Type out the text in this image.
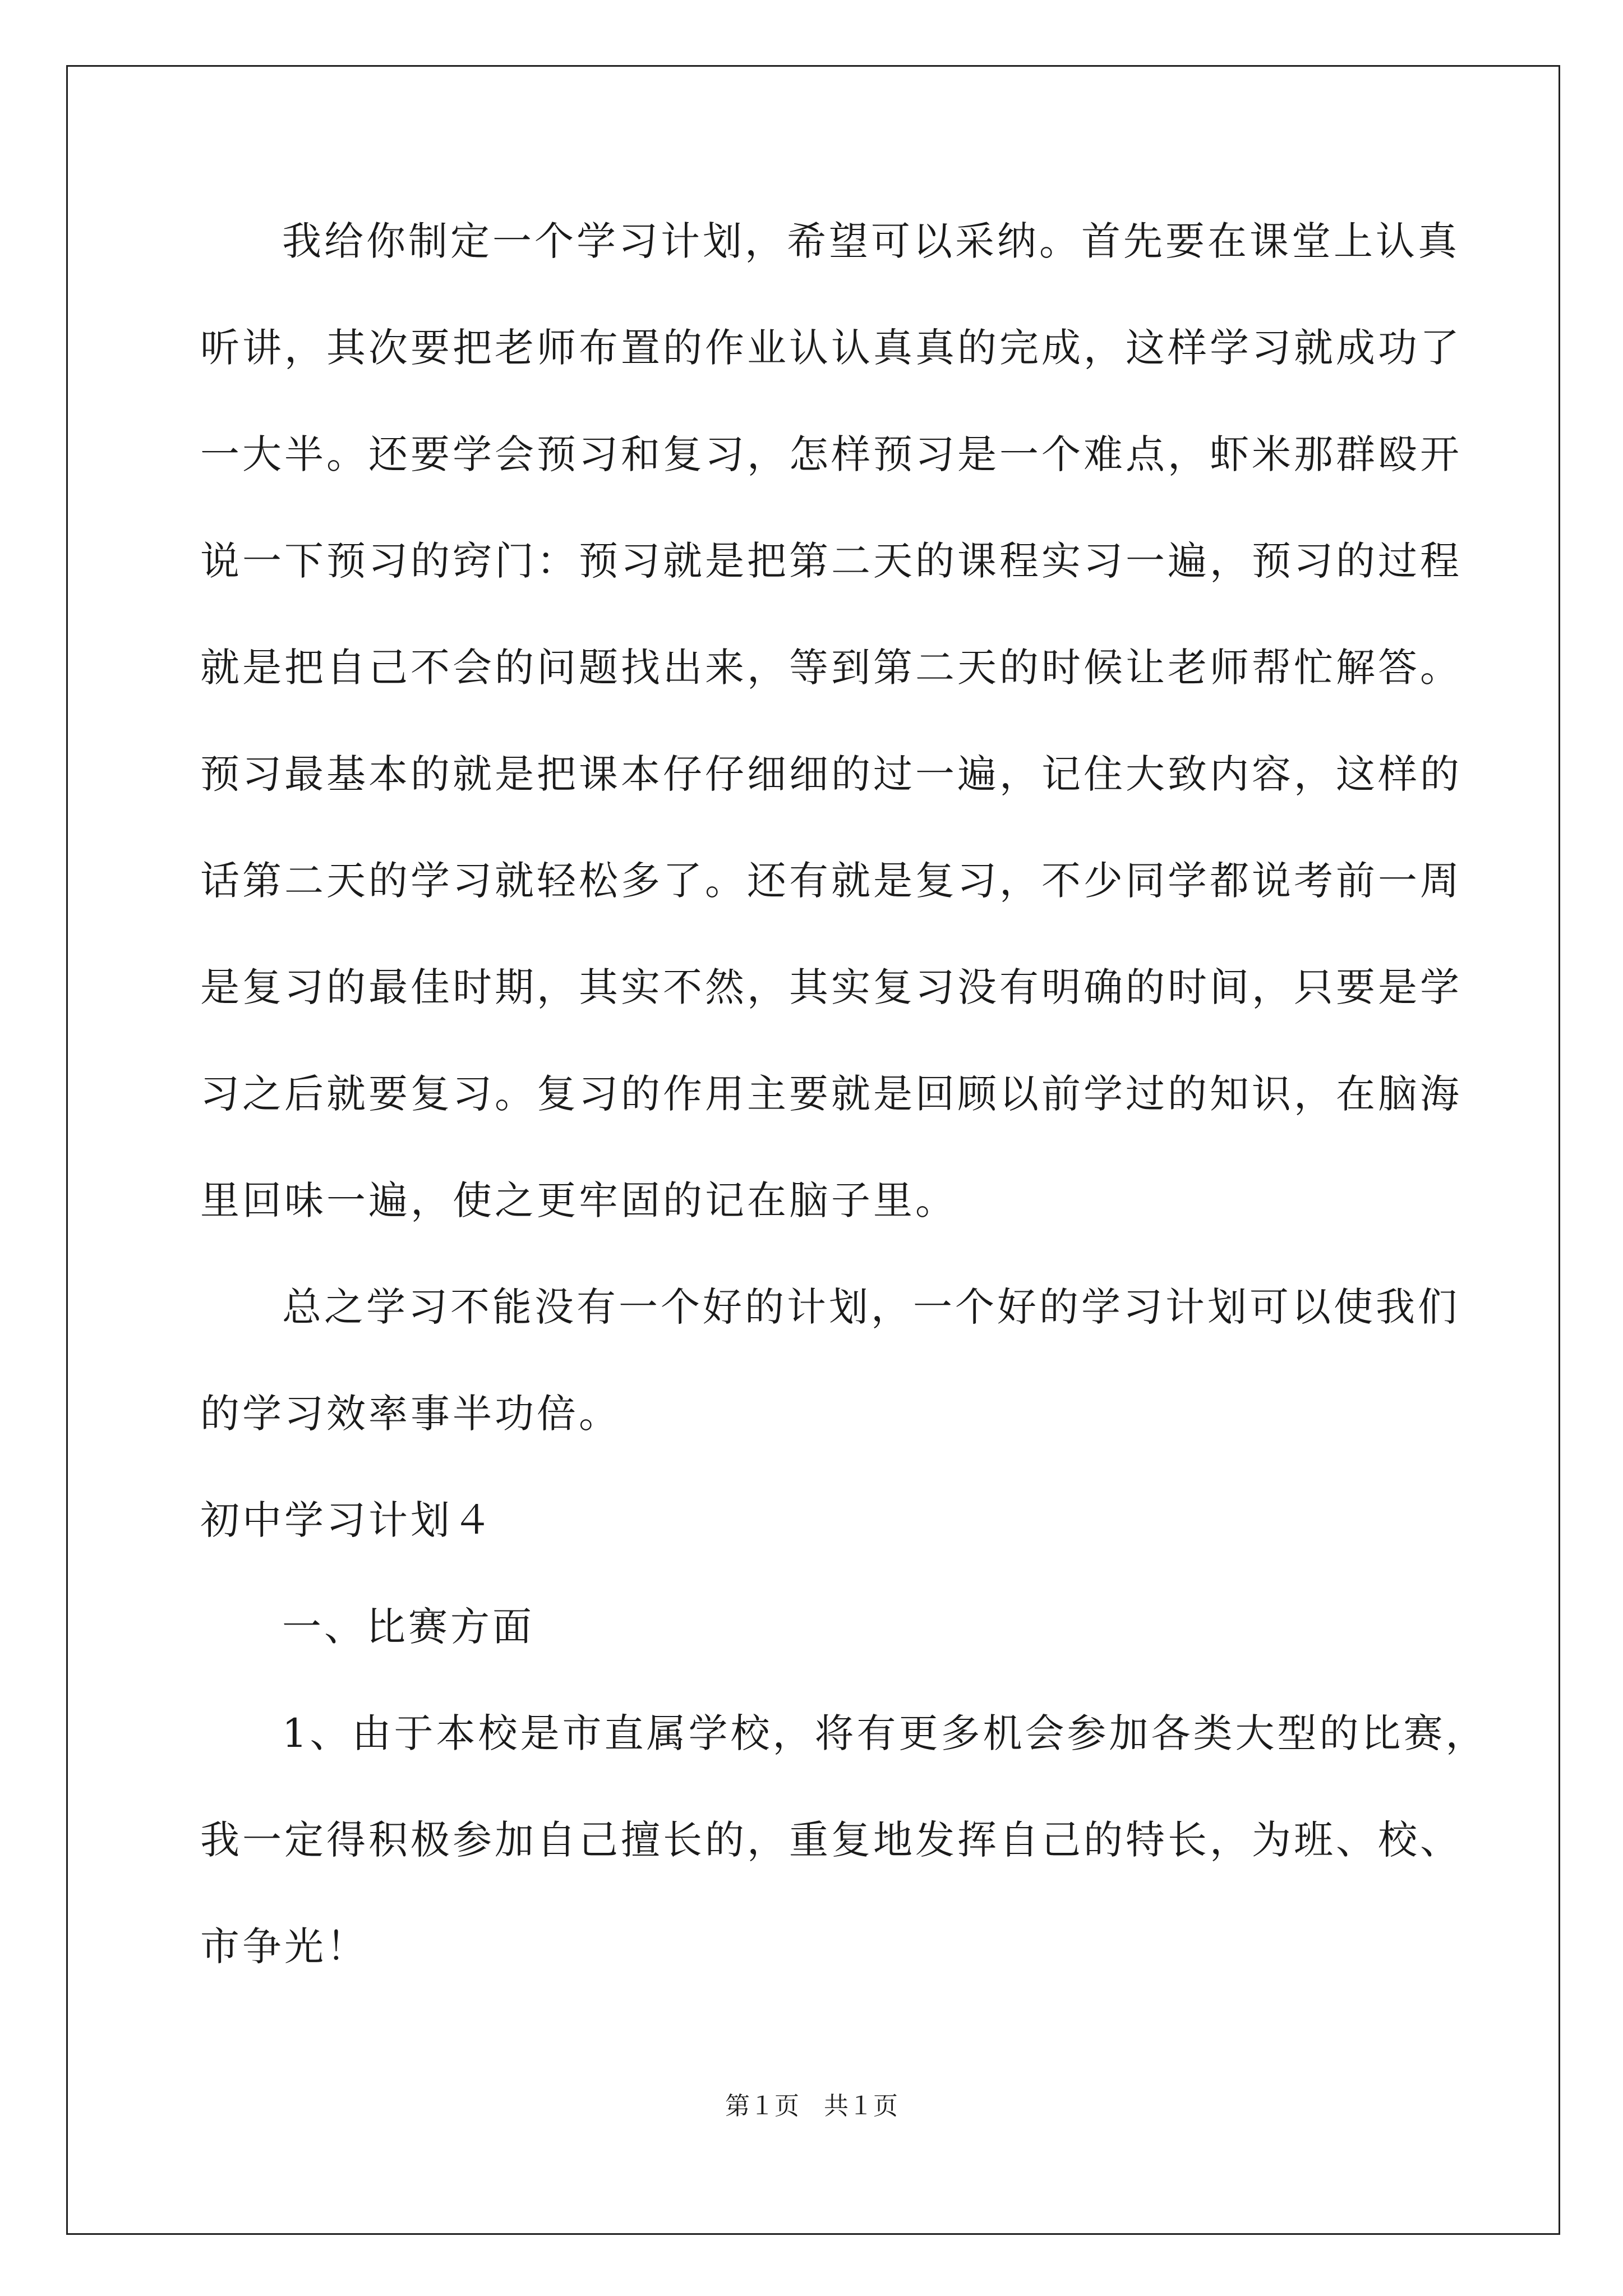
我给你制定一个学习计划，希望可以采纳。首先要在课堂上认真
听讲，其次要把老师布置的作业认认真真的完成，这样学习就成功了
一大半。还要学会预习和复习，怎样预习是一个难点，虾米那群殴开
说一下预习的窍门：预习就是把第二天的课程实习一遍，预习的过程
就是把自己不会的问题找出来，等到第二天的时候让老师帮忙解答。
预习最基本的就是把课本仔仔细细的过一遍，记住大致内容，这样的
话第二天的学习就轻松多了。还有就是复习，不少同学都说考前一周
是复习的最佳时期，其实不然，其实复习没有明确的时间，只要是学
习之后就要复习。复习的作用主要就是回顾以前学过的知识，在脑海
里回味一遍，使之更牢固的记在脑子里。
总之学习不能没有一个好的计划，一个好的学习计划可以使我们
的学习效率事半功倍。
初中学习计划４
一、比赛方面
1、由于本校是市直属学校，将有更多机会参加各类大型的比赛，
我一定得积极参加自己擅长的，重复地发挥自己的特长，为班、校、
市争光！
第１页　共１页
